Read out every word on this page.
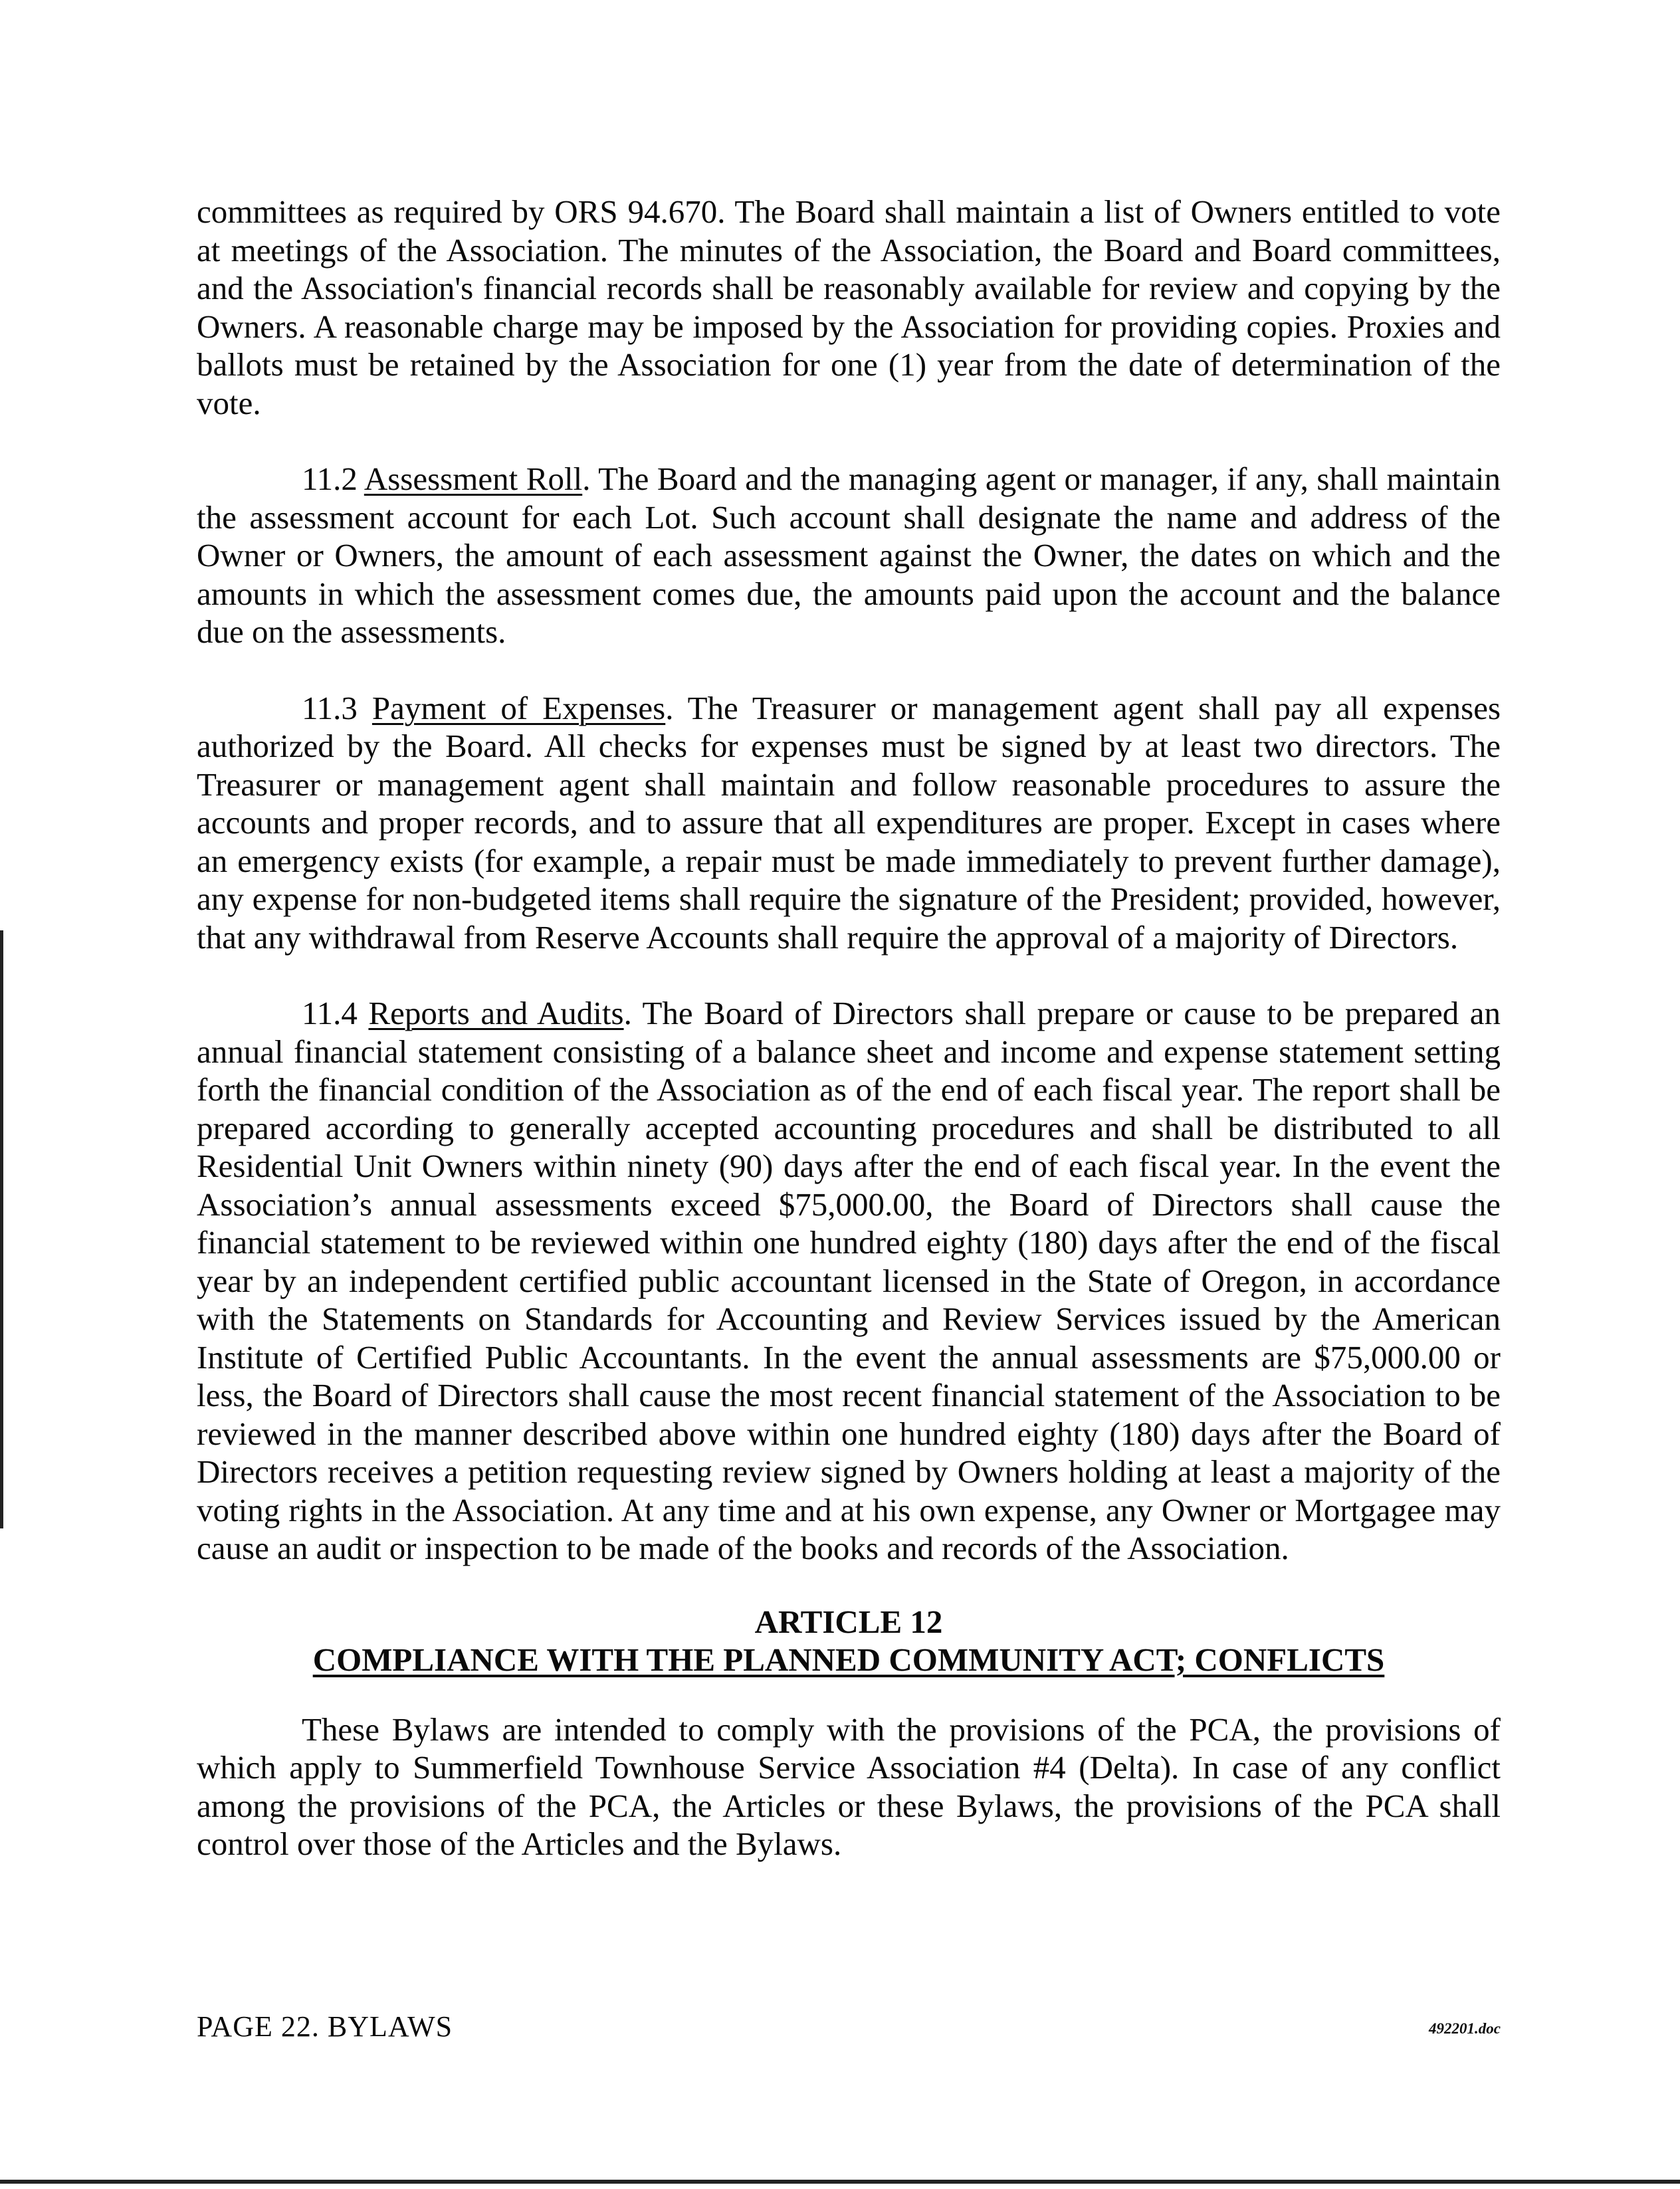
committees as required by ORS 94.670. The Board shall maintain a list of Owners entitled to vote at meetings of the Association. The minutes of the Association, the Board and Board committees, and the Association's financial records shall be reasonably available for review and copying by the Owners. A reasonable charge may be imposed by the Association for providing copies. Proxies and ballots must be retained by the Association for one (1) year from the date of determination of the vote.

11.2 Assessment Roll. The Board and the managing agent or manager, if any, shall maintain the assessment account for each Lot. Such account shall designate the name and address of the Owner or Owners, the amount of each assessment against the Owner, the dates on which and the amounts in which the assessment comes due, the amounts paid upon the account and the balance due on the assessments.

11.3 Payment of Expenses. The Treasurer or management agent shall pay all expenses authorized by the Board. All checks for expenses must be signed by at least two directors. The Treasurer or management agent shall maintain and follow reasonable procedures to assure the accounts and proper records, and to assure that all expenditures are proper. Except in cases where an emergency exists (for example, a repair must be made immediately to prevent further damage), any expense for non-budgeted items shall require the signature of the President; provided, however, that any withdrawal from Reserve Accounts shall require the approval of a majority of Directors.

11.4 Reports and Audits. The Board of Directors shall prepare or cause to be prepared an annual financial statement consisting of a balance sheet and income and expense statement setting forth the financial condition of the Association as of the end of each fiscal year. The report shall be prepared according to generally accepted accounting procedures and shall be distributed to all Residential Unit Owners within ninety (90) days after the end of each fiscal year. In the event the Association’s annual assessments exceed $75,000.00, the Board of Directors shall cause the financial statement to be reviewed within one hundred eighty (180) days after the end of the fiscal year by an independent certified public accountant licensed in the State of Oregon, in accordance with the Statements on Standards for Accounting and Review Services issued by the American Institute of Certified Public Accountants. In the event the annual assessments are $75,000.00 or less, the Board of Directors shall cause the most recent financial statement of the Association to be reviewed in the manner described above within one hundred eighty (180) days after the Board of Directors receives a petition requesting review signed by Owners holding at least a majority of the voting rights in the Association. At any time and at his own expense, any Owner or Mortgagee may cause an audit or inspection to be made of the books and records of the Association.

ARTICLE 12
COMPLIANCE WITH THE PLANNED COMMUNITY ACT; CONFLICTS

These Bylaws are intended to comply with the provisions of the PCA, the provisions of which apply to Summerfield Townhouse Service Association #4 (Delta). In case of any conflict among the provisions of the PCA, the Articles or these Bylaws, the provisions of the PCA shall control over those of the Articles and the Bylaws.

PAGE 22. BYLAWS	492201.doc
